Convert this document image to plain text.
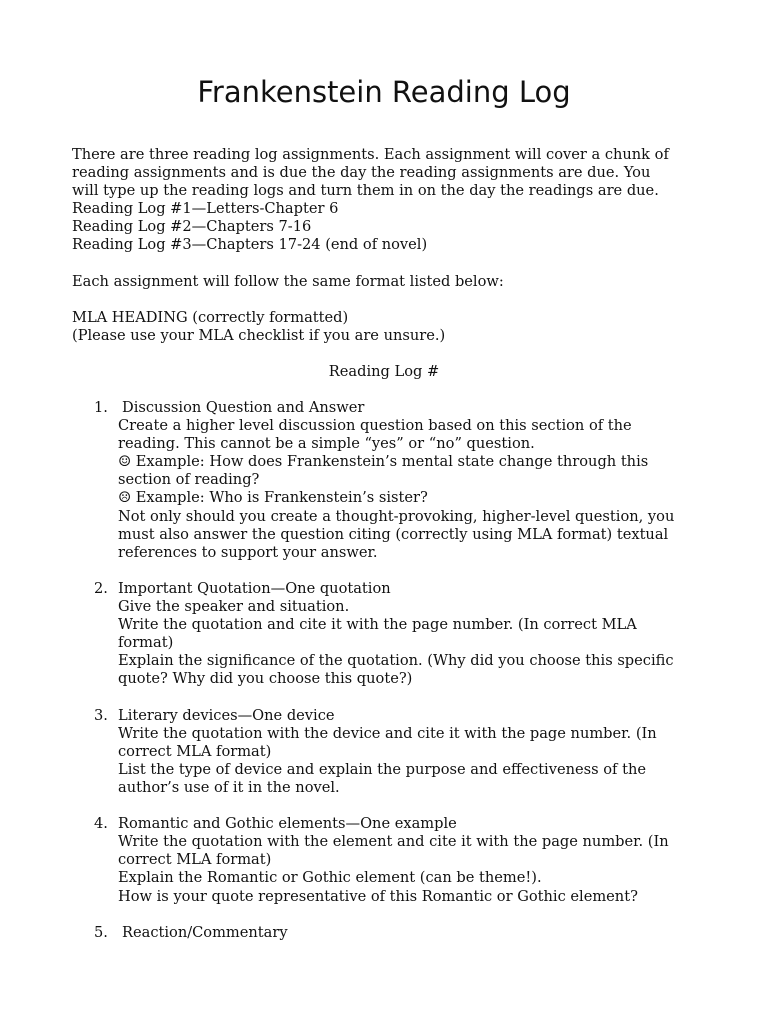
Frankenstein Reading Log
There are three reading log assignments. Each assignment will cover a chunk of
reading assignments and is due the day the reading assignments are due. You
will type up the reading logs and turn them in on the day the readings are due.
Reading Log #1—Letters-Chapter 6
Reading Log #2—Chapters 7-16
Reading Log #3—Chapters 17-24 (end of novel)
Each assignment will follow the same format listed below:
MLA HEADING (correctly formatted)
(Please use your MLA checklist if you are unsure.)
Reading Log #
1. Discussion Question and Answer
Create a higher level discussion question based on this section of the
reading. This cannot be a simple “yes” or “no” question.
☺ Example: How does Frankenstein’s mental state change through this
section of reading?
☹ Example: Who is Frankenstein’s sister?
Not only should you create a thought-provoking, higher-level question, you
must also answer the question citing (correctly using MLA format) textual
references to support your answer.
2. Important Quotation—One quotation
Give the speaker and situation.
Write the quotation and cite it with the page number. (In correct MLA
format)
Explain the significance of the quotation. (Why did you choose this specific
quote? Why did you choose this quote?)
3. Literary devices—One device
Write the quotation with the device and cite it with the page number. (In
correct MLA format)
List the type of device and explain the purpose and effectiveness of the
author’s use of it in the novel.
4. Romantic and Gothic elements—One example
Write the quotation with the element and cite it with the page number. (In
correct MLA format)
Explain the Romantic or Gothic element (can be theme!).
How is your quote representative of this Romantic or Gothic element?
5. Reaction/Commentary
